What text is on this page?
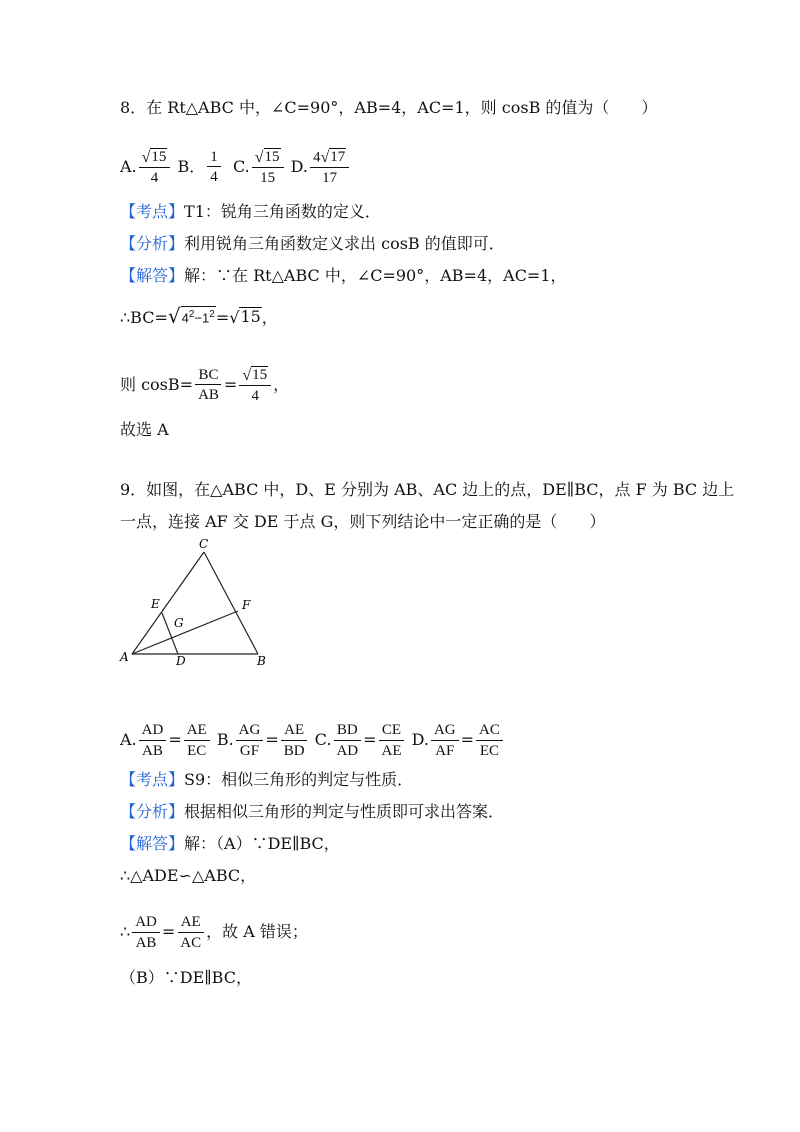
8．在 Rt△ABC 中，∠C=90°，AB=4，AC=1，则 cosB 的值为（　　）
A. $\frac{√ 15}{4}$ B． $\frac{1}{4} C$. $\frac{√ 15}{15} D$. $\frac{4 √ 17}{17}$
【考点】T1：锐角三角函数的定义．
【分析】利用锐角三角函数定义求出 cosB 的值即可．
【解答】解：∵在 Rt△ABC 中，∠C=90°，AB=4，AC=1，
∴BC= √ $4^2-1^2$ = √ 15 ，
则 $\cos B= \frac{BC}{AB} = \frac{√ 15}{4}$ ，
故选 A
9．如图，在△ABC 中，D、E 分别为 AB、AC 边上的点，DE∥BC，点 F 为 BC 边上
一点，连接 AF 交 DE 于点 G，则下列结论中一定正确的是（　　）
A	B
C
D
E	F
G
A. $\frac{AD}{AB} = \frac{AE}{EC} B$. $\frac{AG}{GF} = \frac{AE}{BD} C$. $\frac{BD}{AD} = \frac{CE}{AE} D$. $\frac{AG}{AF} = \frac{AC}{EC}$
【考点】S9：相似三角形的判定与性质．
【分析】根据相似三角形的判定与性质即可求出答案．
【解答】解：（A）∵DE∥BC，
∴△ADE∽△ABC，
∴ $\frac{AD}{AB} = \frac{AE}{AC}$ ，故 A 错误；
（B）∵DE∥BC，
